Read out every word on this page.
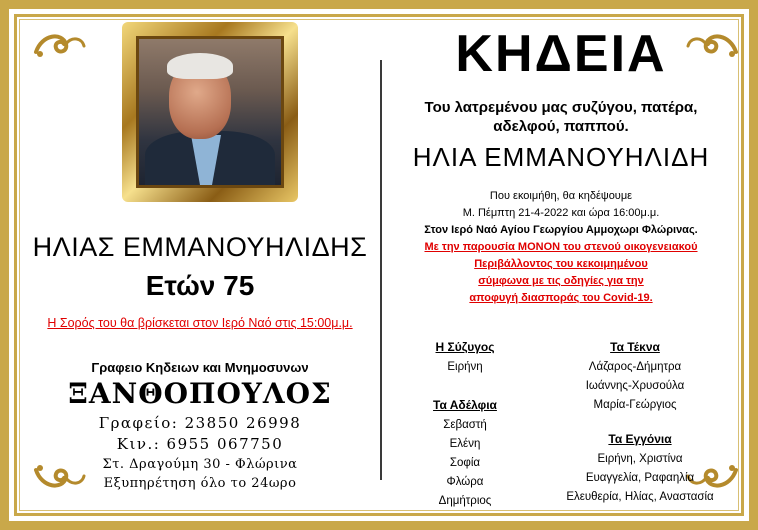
ΗΛΙΑΣ ΕΜΜΑΝΟΥΗΛΙΔΗΣ
Ετών 75
Η Σορός του θα βρίσκεται στον Ιερό Ναό στις 15:00μ.μ.
Γραφειο Κηδειων και Μνημοσυνων
ΞΑΝΘΟΠΟΥΛΟΣ
Γραφείο: 23850 26998
Κιν.: 6955 067750
Στ. Δραγούμη 30 - Φλώρινα
Εξυπηρέτηση όλο το 24ωρο
ΚΗΔΕΙΑ
Του λατρεμένου μας συζύγου, πατέρα,
αδελφού, παππού.
ΗΛΙΑ ΕΜΜΑΝΟΥΗΛΙΔΗ
Που εκοιμήθη, θα κηδέψουμε
Μ. Πέμπτη 21-4-2022 και ώρα 16:00μ.μ.
Στον Ιερό Ναό Αγίου Γεωργίου Αμμοχωρι Φλώρινας.
Με την παρουσία ΜΟΝΟΝ του στενού οικογενειακού
Περιβάλλοντος του κεκοιμημένου
σύμφωνα με τις οδηγίες για την
αποφυγή διασποράς του Covid-19.
Η Σύζυγος
Ειρήνη
Τα Αδέλφια
Σεβαστή
Ελένη
Σοφία
Φλώρα
Δημήτριος
Τα Τέκνα
Λάζαρος-Δήμητρα
Ιωάννης-Χρυσούλα
Μαρία-Γεώργιος
Τα Εγγόνια
Ειρήνη, Χριστίνα
Ευαγγελία, Ραφαηλία
Ελευθερία, Ηλίας, Αναστασία
